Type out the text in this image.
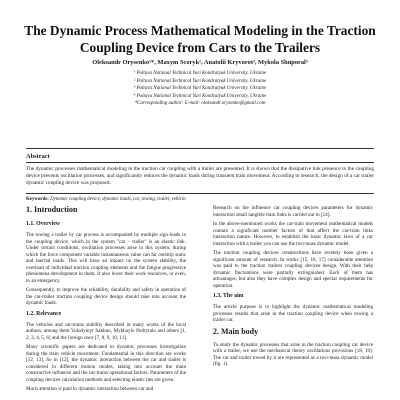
The Dynamic Process Mathematical Modeling in the Traction Coupling Device from Cars to the Trailers
Oleksandr Orysenko¹*, Maxym Scoryk¹, Anatolii Kryvorot², Mykola Shuporal³
¹ Poltava National Technical Yuri Kondratyuk University, Ukraine
² Poltava National Technical Yuri Kondratyuk University, Ukraine
³ Poltava National Technical Yuri Kondratyuk University, Ukraine
⁴ Poltava National Technical Yuri Kondratyuk University, Ukraine
*Corresponding author: E-mail: oleksandr.orysenko@gmail.com
Abstract
The dynamic processes mathematical modeling in the traction car coupling with a trailer are presented. It is shown that the dissipative link presence in the coupling device prevents oscillation processes, and significantly reduces the dynamic loads during transient train movement. According to research, the design of a car trailer dynamic coupling device was proposed.
Keywords: Dynamic coupling device, dynamic loads, car, towing, trailer, vehicle.
1. Introduction
1.1. Overview

The towing a trailer by car process is accompanied by multiple sign-loads in the coupling device, which in the system "car – trailer" is an elastic link. Under certain conditions, oscillation processes arise in this system, during which the force component variable instantaneous value can far outstrip static and inertial loads. This will have an impact on the system stability, the overload of individual traction coupling elements and the fatigue progressive phenomena development in them. It also lower their work resources, or even, to an emergency.

Consequently, to improve the reliability, durability and safety in operation of the car-trailer traction coupling device design should take into account the dynamic loads.

1.2. Relevance

The vehicles and car-trains stability described in many works of the local authors, among them Volodymyr Sakhno, Mykhaylo Podrytalo and others [1, 2, 3, 4, 5, 6] and the foreign once [7, 8, 9, 10, 11].

Many scientific papers are dedicated to dynamic processes investigation during the train vehicle movement. Fundamental in this direction are works [12, 13]. So in [12], the dynamic interaction between the car and trailer is considered in different motion modes, taking into account the main constructive influence and the car-trains operational factors. Parameters of the coupling devices calculation methods and selecting elastic ties are given.

Much attention is paid to dynamic interaction between car and

Research on the influence car coupling devices parameters for dynamic interaction small tangible train links is carried out in [14].

In the above-mentioned works the car-train movement mathematical models contain a significant number factors of that affect the car-train links interaction nature. However, to establish the basic dynamic laws of a car interaction with a trailer you can use the two-mass dynamic model.

The traction coupling devices constructions have recently been given a significant amount of research. In works [15, 16, 17] considerable attention was paid to the traction trailers coupling devices design. With their help dynamic fluctuations were partially extinguished. Each of them has advantages, but also they have complex design and special requirements for operation.

1.3. The aim

The article purpose is to highlight the dynamic mathematical modeling processes results that arise in the traction coupling device when towing a trailer car.

2. Main body

To study the dynamic processes that arise in the traction coupling car device with a trailer, we use the mechanical theory oscillations provisions [18, 19]. The car and trailer towed by it are represented as a two-mass dynamic model (fig. 1).
